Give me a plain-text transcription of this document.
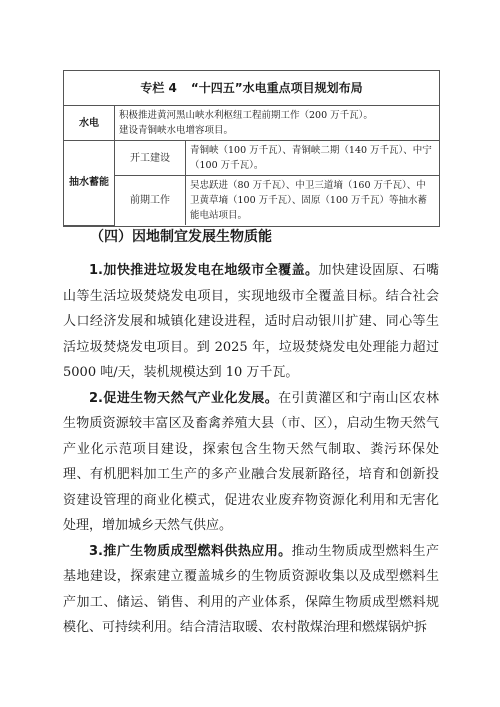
专栏 4 “十四五”水电重点项目规划布局
水电	积极推进黄河黑山峡水利枢纽工程前期工作（200 万千瓦）。
建设青铜峡水电增容项目。	

抽水蓄能	开工建设	青铜峡（100 万千瓦）、青铜峡二期（140 万千瓦）、中宁（100 万千瓦）。
	前期工作	吴忠跃进（80 万千瓦）、中卫三道墒（160 万千瓦）、中卫黄草墒（100 万千瓦）、固原（100 万千瓦）等抽水蓄能电站项目。
（四）因地制宜发展生物质能

1.加快推进垃圾发电在地级市全覆盖。加快建设固原、石嘴山等生活垃圾焚烧发电项目，实现地级市全覆盖目标。结合社会人口经济发展和城镇化建设进程，适时启动银川扩建、同心等生活垃圾焚烧发电项目。到 2025 年，垃圾焚烧发电处理能力超过 5000 吨/天，装机规模达到 10 万千瓦。

2.促进生物天然气产业化发展。在引黄灌区和宁南山区农林生物质资源较丰富区及畜禽养殖大县（市、区），启动生物天然气产业化示范项目建设，探索包含生物天然气制取、粪污环保处理、有机肥料加工生产的多产业融合发展新路径，培育和创新投资建设管理的商业化模式，促进农业废弃物资源化利用和无害化处理，增加城乡天然气供应。

3.推广生物质成型燃料供热应用。推动生物质成型燃料生产基地建设，探索建立覆盖城乡的生物质资源收集以及成型燃料生产加工、储运、销售、利用的产业体系，保障生物质成型燃料规模化、可持续利用。结合清洁取暖、农村散煤治理和燃煤锅炉拆
